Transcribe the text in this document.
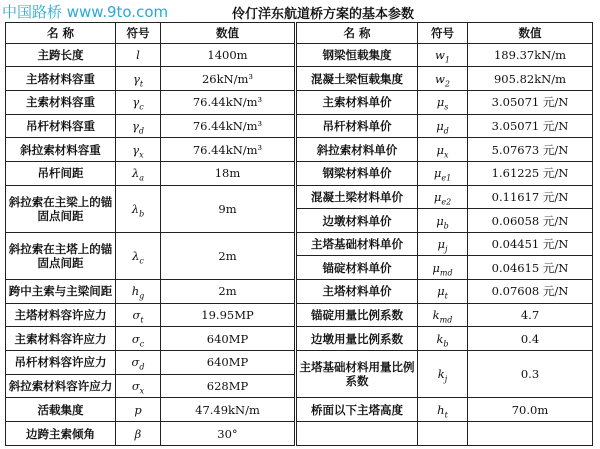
中国路桥 www.9to.com	伶仃洋东航道桥方案的基本参数
名 称	符号	数值	名 称	符号	数值
主跨长度	l	1400m	钢梁恒载集度	$w_1$	189.37kN/m
主塔材料容重	$\gamma_t$	26kN/m³	混凝土梁恒载集度	$w_2$	905.82kN/m
主索材料容重	$\gamma_c$	76.44kN/m³	主索材料单价	$\mu_s$	3.05071 元/N
吊杆材料容重	$\gamma_d$	76.44kN/m³	吊杆材料单价	$\mu_d$	3.05071 元/N
斜拉索材料容重	$\gamma_x$	76.44kN/m³	斜拉索材料单价	$\mu_x$	5.07673 元/N
吊杆间距	$\lambda_a$	18m	钢梁材料单价	$\mu_{e1}$	1.61225 元/N
斜拉索在主梁上的锚固点间距	$\lambda_b$	9m	混凝土梁材料单价	$\mu_{e2}$	0.11617 元/N
			边墩材料单价	$\mu_b$	0.06058 元/N
斜拉索在主塔上的锚固点间距	$\lambda_c$	2m	主塔基础材料单价	$\mu_j$	0.04451 元/N
			锚碇材料单价	$\mu_{md}$	0.04615 元/N
跨中主索与主梁间距	$h_g$	2m	主塔材料单价	$\mu_t$	0.07608 元/N
主塔材料容许应力	$\sigma_t$	19.95MP	锚碇用量比例系数	$k_{md}$	4.7
主索材料容许应力	$\sigma_c$	640MP	边墩用量比例系数	$k_b$	0.4
吊杆材料容许应力	$\sigma_d$	640MP	主塔基础材料用量比例系数	$k_j$	0.3
斜拉索材料容许应力	$\sigma_x$	628MP			
活载集度	p	47.49kN/m	桥面以下主塔高度	$h_t$	70.0m
边跨主索倾角	β	30°			
